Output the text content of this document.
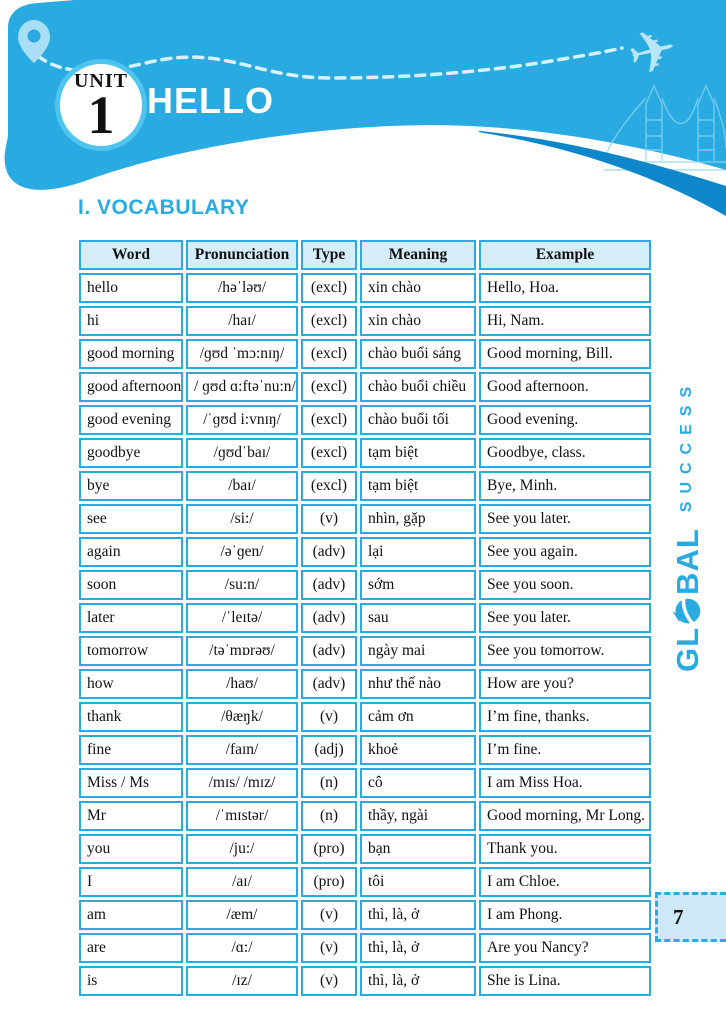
✈
UNIT
1 HELLO
I. VOCABULARY
Word	Pronunciation	Type	Meaning	Example
hello	/həˈləʊ/	(excl)	xin chào	Hello, Hoa.
hi	/haɪ/	(excl)	xin chào	Hi, Nam.
good morning	/ɡʊd ˈmɔ:nɪŋ/	(excl)	chào buổi sáng	Good morning, Bill.
good afternoon	/ ɡʊd ɑ:ftəˈnu:n/	(excl)	chào buổi chiều	Good afternoon.
good evening	/ˈɡʊd i:vnɪŋ/	(excl)	chào buổi tối	Good evening.
goodbye	/ɡʊdˈbaɪ/	(excl)	tạm biệt	Goodbye, class.
bye	/baɪ/	(excl)	tạm biệt	Bye, Minh.
see	/si:/	(v)	nhìn, gặp	See you later.
again	/əˈɡen/	(adv)	lại	See you again.
soon	/su:n/	(adv)	sớm	See you soon.
later	/ˈleɪtə/	(adv)	sau	See you later.
tomorrow	/təˈmɒrəʊ/	(adv)	ngày mai	See you tomorrow.
how	/haʊ/	(adv)	như thế nào	How are you?
thank	/θæŋk/	(v)	cảm ơn	I’m fine, thanks.
fine	/faɪn/	(adj)	khoẻ	I’m fine.
Miss / Ms	/mɪs/ /mɪz/	(n)	cô	I am Miss Hoa.
Mr	/ˈmɪstər/	(n)	thầy, ngài	Good morning, Mr Long.
you	/ju:/	(pro)	bạn	Thank you.
I	/aɪ/	(pro)	tôi	I am Chloe.
am	/æm/	(v)	thì, là, ở	I am Phong.
are	/ɑ:/	(v)	thì, là, ở	Are you Nancy?
is	/ɪz/	(v)	thì, là, ở	She is Lina.
GL
BAL
SUCCESS
7
